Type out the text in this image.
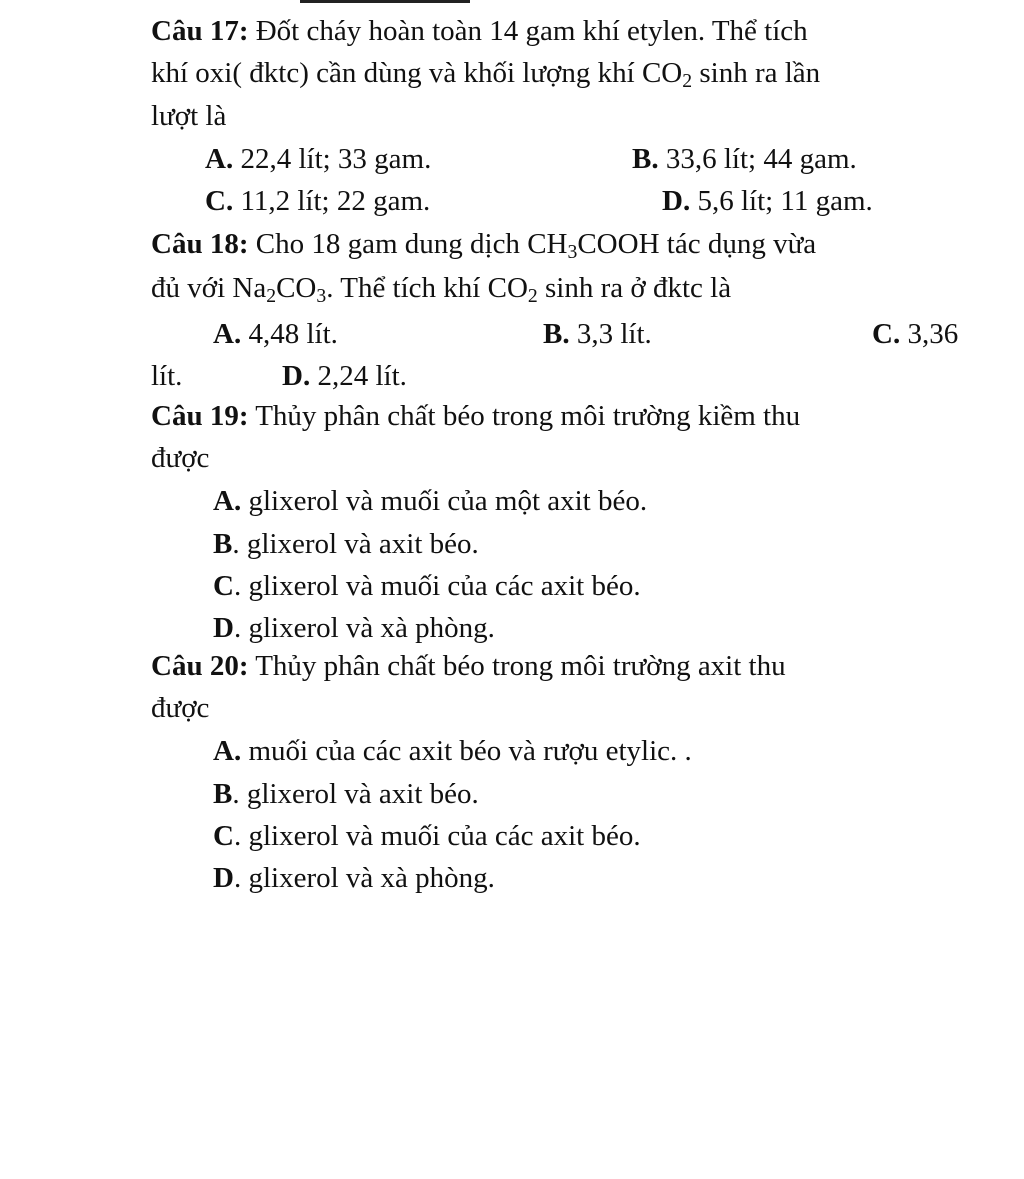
Câu 17: Đốt cháy hoàn toàn 14 gam khí etylen. Thể tích
khí oxi( đktc) cần dùng và khối lượng khí $CO_2$ sinh ra lần
lượt là
A. 22,4 lít; 33 gam.	B. 33,6 lít; 44 gam.
C. 11,2 lít; 22 gam.	D. 5,6 lít; 11 gam.
Câu 18: Cho 18 gam dung dịch $CH_3COOH$ tác dụng vừa
đủ với $Na_2CO_3$. Thể tích khí $CO_2$ sinh ra ở đktc là
A. 4,48 lít.	B. 3,3 lít.	C. 3,36
lít.	D. 2,24 lít.
Câu 19: Thủy phân chất béo trong môi trường kiềm thu
được
A. glixerol và muối của một axit béo.
B. glixerol và axit béo.
C. glixerol và muối của các axit béo.
D. glixerol và xà phòng.
Câu 20: Thủy phân chất béo trong môi trường axit thu
được
A. muối của các axit béo và rượu etylic. .
B. glixerol và axit béo.
C. glixerol và muối của các axit béo.
D. glixerol và xà phòng.
